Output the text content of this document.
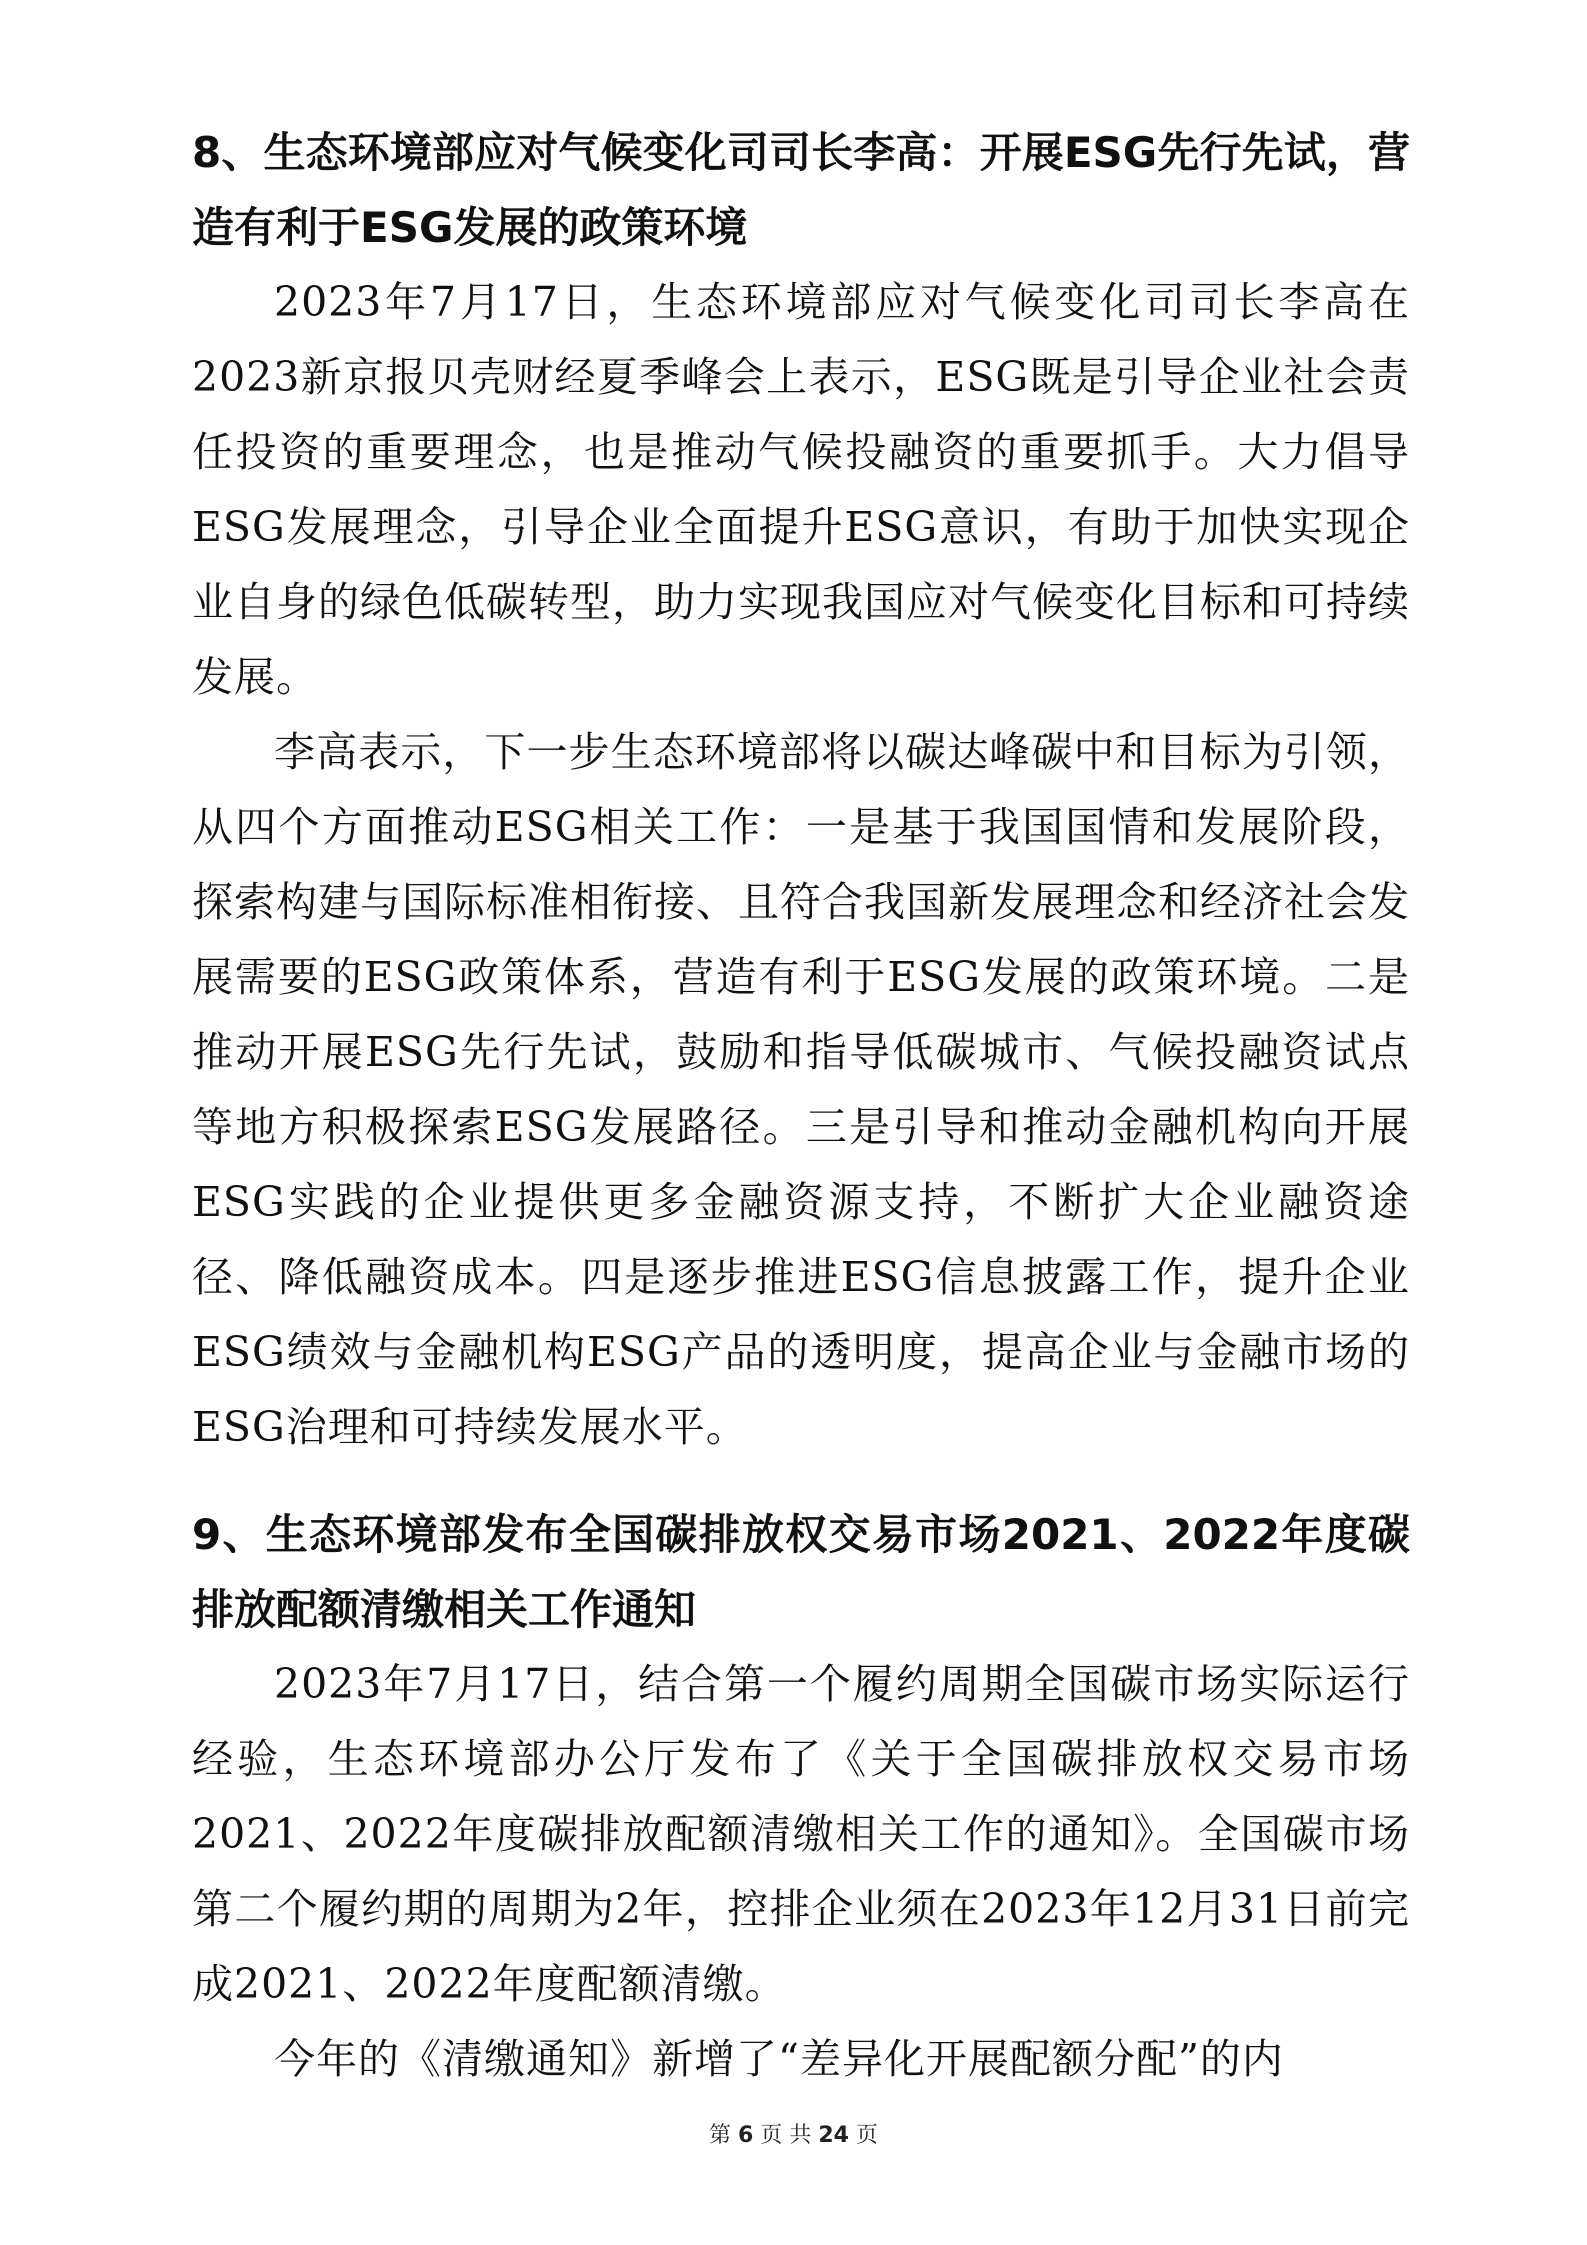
8、生态环境部应对气候变化司司长李高：开展ESG先行先试，营造有利于ESG发展的政策环境

2023年7月17日，生态环境部应对气候变化司司长李高在2023新京报贝壳财经夏季峰会上表示，ESG既是引导企业社会责任投资的重要理念，也是推动气候投融资的重要抓手。大力倡导ESG发展理念，引导企业全面提升ESG意识，有助于加快实现企业自身的绿色低碳转型，助力实现我国应对气候变化目标和可持续发展。

李高表示，下一步生态环境部将以碳达峰碳中和目标为引领，从四个方面推动ESG相关工作：一是基于我国国情和发展阶段，探索构建与国际标准相衔接、且符合我国新发展理念和经济社会发展需要的ESG政策体系，营造有利于ESG发展的政策环境。二是推动开展ESG先行先试，鼓励和指导低碳城市、气候投融资试点等地方积极探索ESG发展路径。三是引导和推动金融机构向开展ESG实践的企业提供更多金融资源支持，不断扩大企业融资途径、降低融资成本。四是逐步推进ESG信息披露工作，提升企业ESG绩效与金融机构ESG产品的透明度，提高企业与金融市场的ESG治理和可持续发展水平。

9、生态环境部发布全国碳排放权交易市场2021、2022年度碳排放配额清缴相关工作通知

2023年7月17日，结合第一个履约周期全国碳市场实际运行经验，生态环境部办公厅发布了《关于全国碳排放权交易市场2021、2022年度碳排放配额清缴相关工作的通知》。全国碳市场第二个履约期的周期为2年，控排企业须在2023年12月31日前完成2021、2022年度配额清缴。

今年的《清缴通知》新增了“差异化开展配额分配”的内

第 6 页 共 24 页
